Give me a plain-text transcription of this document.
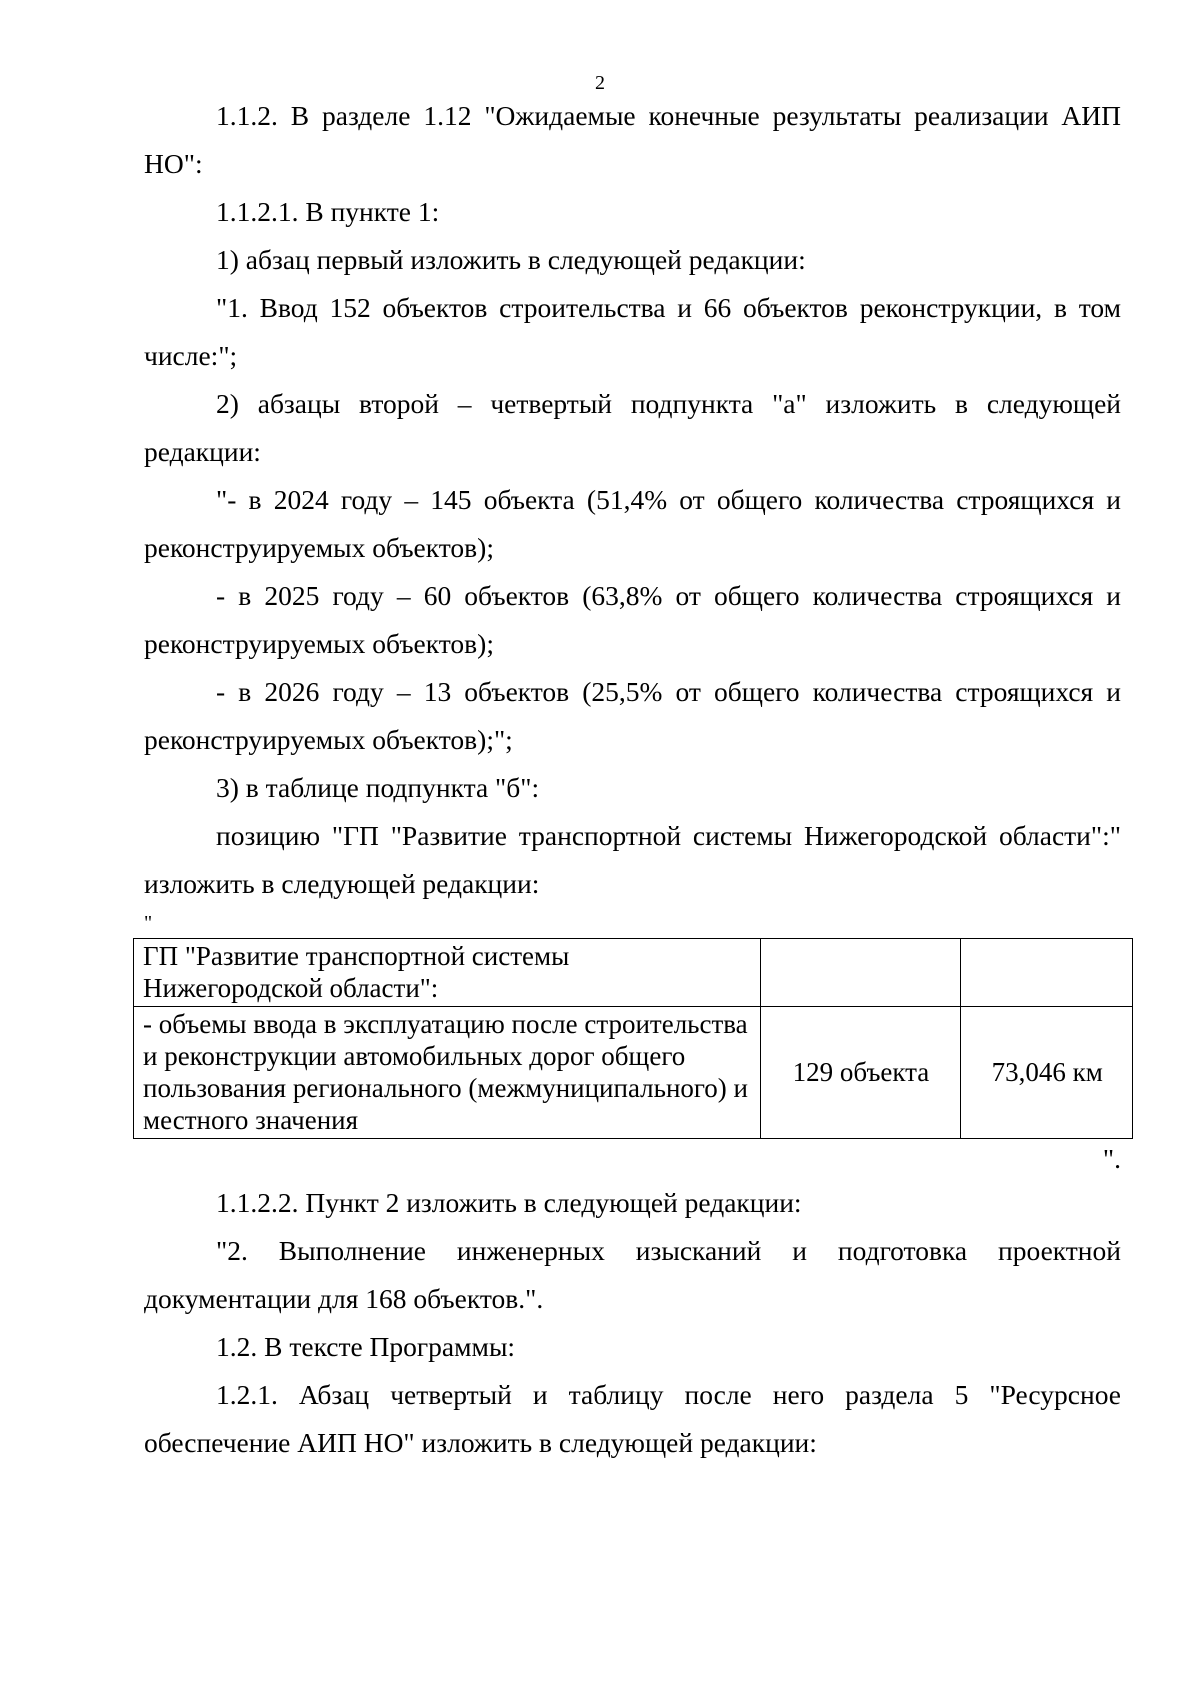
2

1.1.2. В разделе 1.12 "Ожидаемые конечные результаты реализации АИП НО":

1.1.2.1. В пункте 1:

1) абзац первый изложить в следующей редакции:

"1. Ввод 152 объектов строительства и 66 объектов реконструкции, в том числе:";

2) абзацы второй – четвертый подпункта "а" изложить в следующей редакции:

"- в 2024 году – 145 объекта (51,4% от общего количества строящихся и реконструируемых объектов);

- в 2025 году – 60 объектов (63,8% от общего количества строящихся и реконструируемых объектов);

- в 2026 году – 13 объектов (25,5% от общего количества строящихся и реконструируемых объектов);";

3) в таблице подпункта "б":

позицию "ГП "Развитие транспортной системы Нижегородской области":" изложить в следующей редакции:

"

ГП "Развитие транспортной системы Нижегородской области":		
- объемы ввода в эксплуатацию после строительства и реконструкции автомобильных дорог общего пользования регионального (межмуниципального) и местного значения	129 объекта	73,046 км

".

1.1.2.2. Пункт 2 изложить в следующей редакции:

"2. Выполнение инженерных изысканий и подготовка проектной документации для 168 объектов.".

1.2. В тексте Программы:

1.2.1. Абзац четвертый и таблицу после него раздела 5 "Ресурсное обеспечение АИП НО" изложить в следующей редакции:
